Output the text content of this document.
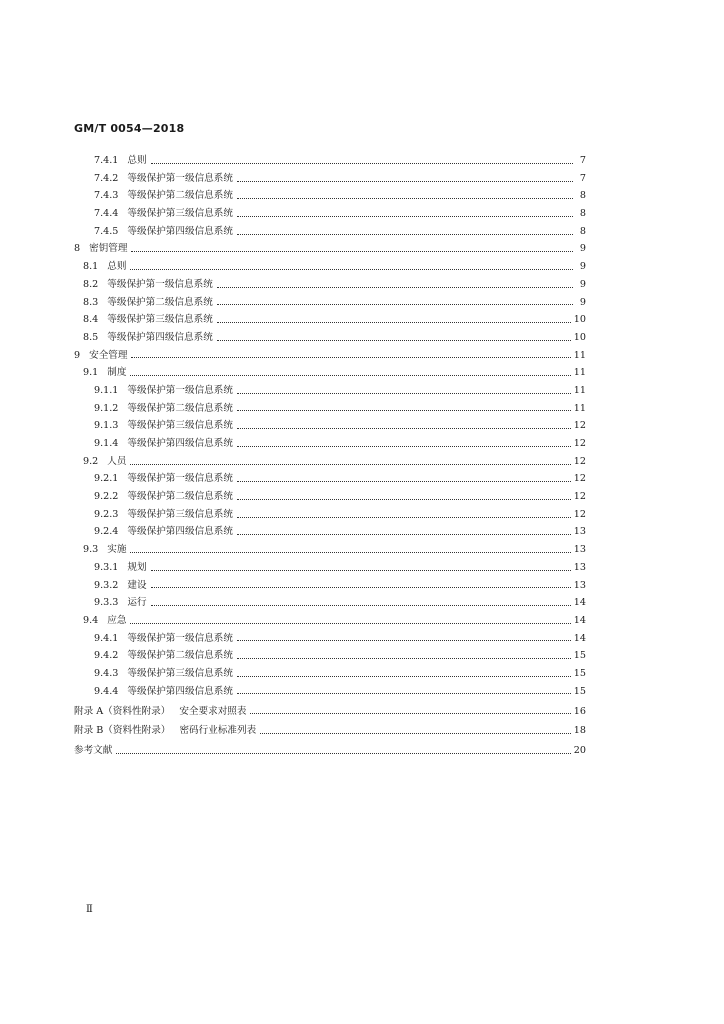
GM/T 0054—2018
7.4.1 总则	7
7.4.2 等级保护第一级信息系统	7
7.4.3 等级保护第二级信息系统	8
7.4.4 等级保护第三级信息系统	8
7.4.5 等级保护第四级信息系统	8
8 密钥管理	9
8.1 总则	9
8.2 等级保护第一级信息系统	9
8.3 等级保护第二级信息系统	9
8.4 等级保护第三级信息系统	10
8.5 等级保护第四级信息系统	10
9 安全管理	11
9.1 制度	11
9.1.1 等级保护第一级信息系统	11
9.1.2 等级保护第二级信息系统	11
9.1.3 等级保护第三级信息系统	12
9.1.4 等级保护第四级信息系统	12
9.2 人员	12
9.2.1 等级保护第一级信息系统	12
9.2.2 等级保护第二级信息系统	12
9.2.3 等级保护第三级信息系统	12
9.2.4 等级保护第四级信息系统	13
9.3 实施	13
9.3.1 规划	13
9.3.2 建设	13
9.3.3 运行	14
9.4 应急	14
9.4.1 等级保护第一级信息系统	14
9.4.2 等级保护第二级信息系统	15
9.4.3 等级保护第三级信息系统	15
9.4.4 等级保护第四级信息系统	15
附录 A（资料性附录） 安全要求对照表	16
附录 B（资料性附录） 密码行业标准列表	18
参考文献	20
Ⅱ
